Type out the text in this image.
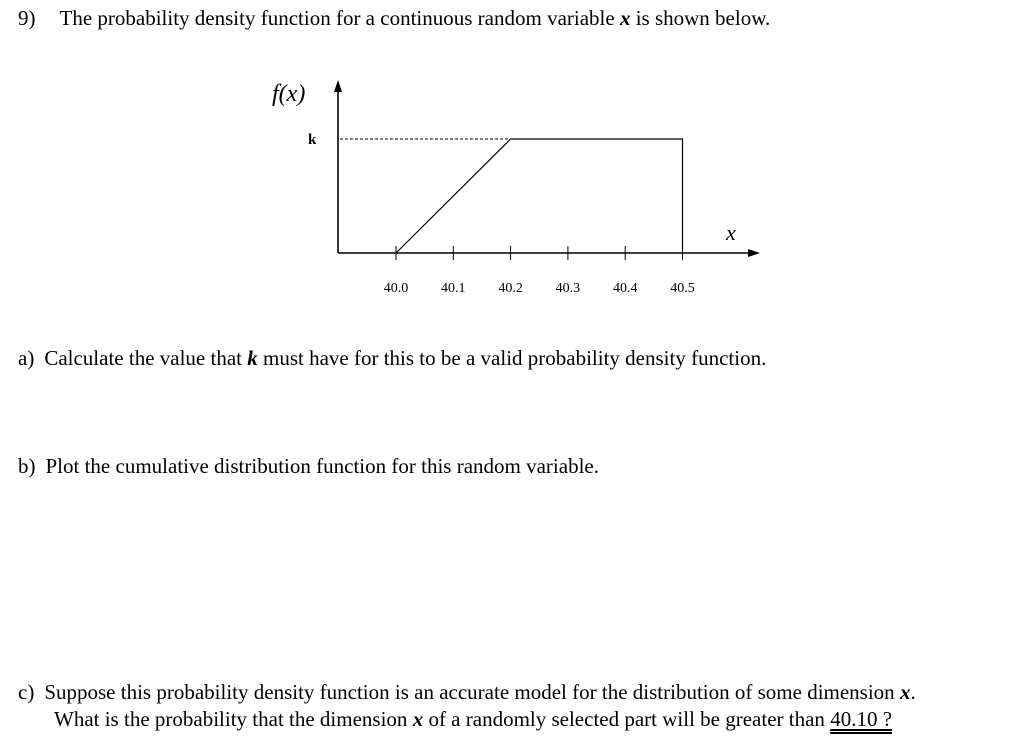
9) The probability density function for a continuous random variable x is shown below.
f(x)
k
x
40.0 40.1 40.2 40.3 40.4 40.5
a) Calculate the value that k must have for this to be a valid probability density function.
b) Plot the cumulative distribution function for this random variable.
c) Suppose this probability density function is an accurate model for the distribution of some dimension x.
What is the probability that the dimension x of a randomly selected part will be greater than 40.10 ?
